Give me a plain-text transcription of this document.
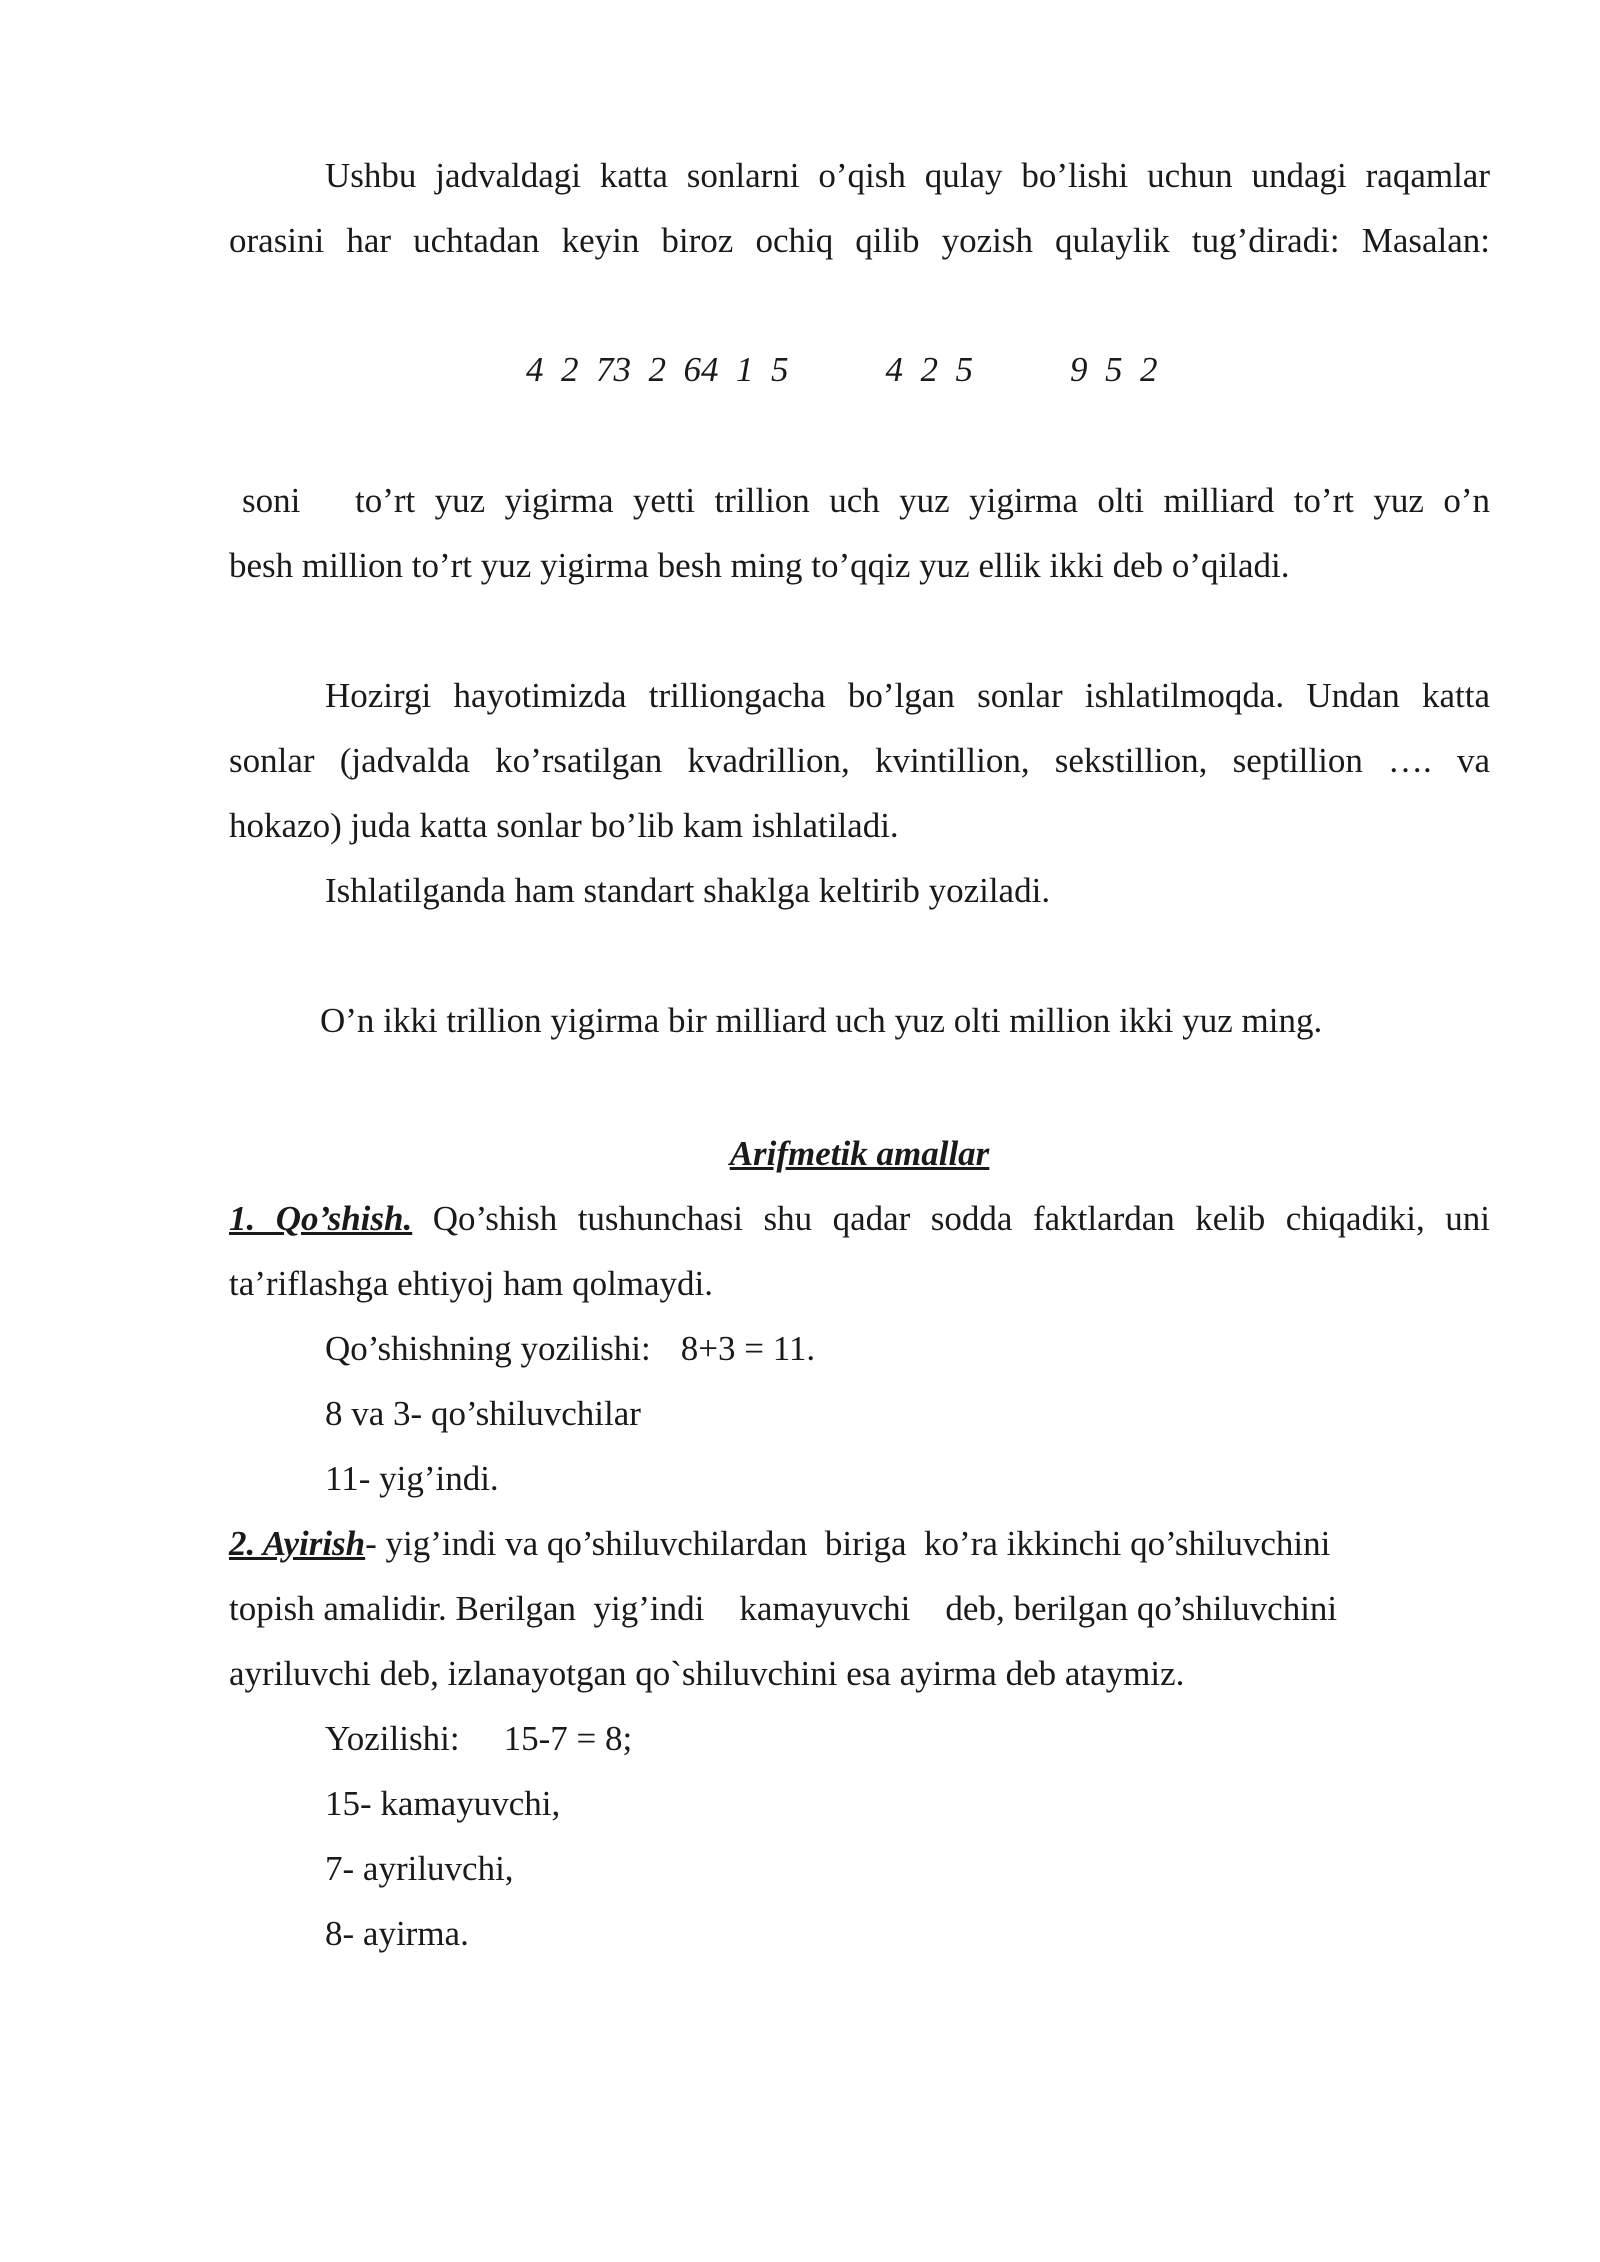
Ushbu jadvaldagi katta sonlarni o’qish qulay bo’lishi uchun undagi raqamlar
orasini har uchtadan keyin biroz ochiq qilib yozish qulaylik tug’diradi: Masalan:
4  2  73  2  64  1  5	4  2  5	9  5  2
soni to’rt yuz yigirma yetti trillion uch yuz yigirma olti milliard to’rt yuz o’n
besh million to’rt yuz yigirma besh ming to’qqiz yuz ellik ikki deb o’qiladi.
Hozirgi hayotimizda trilliongacha bo’lgan sonlar ishlatilmoqda. Undan katta
sonlar (jadvalda ko’rsatilgan kvadrillion, kvintillion, sekstillion, septillion …. va
hokazo) juda katta sonlar bo’lib kam ishlatiladi.
Ishlatilganda ham standart shaklga keltirib yoziladi.
O’n ikki trillion yigirma bir milliard uch yuz olti million ikki yuz ming.
Arifmetik amallar
1. Qo’shish. Qo’shish tushunchasi shu qadar sodda faktlardan kelib chiqadiki, uni
ta’riflashga ehtiyoj ham qolmaydi.
Qo’shishning yozilishi: 8+3 = 11.
8 va 3- qo’shiluvchilar
11- yig’indi.
2. Ayirish- yig’indi va qo’shiluvchilardan  biriga  ko’ra ikkinchi qo’shiluvchini
topish amalidir. Berilgan  yig’indi    kamayuvchi    deb, berilgan qo’shiluvchini
ayriluvchi deb, izlanayotgan qo`shiluvchini esa ayirma deb ataymiz.
Yozilishi: 15-7 = 8;
15- kamayuvchi,
7- ayriluvchi,
8- ayirma.
